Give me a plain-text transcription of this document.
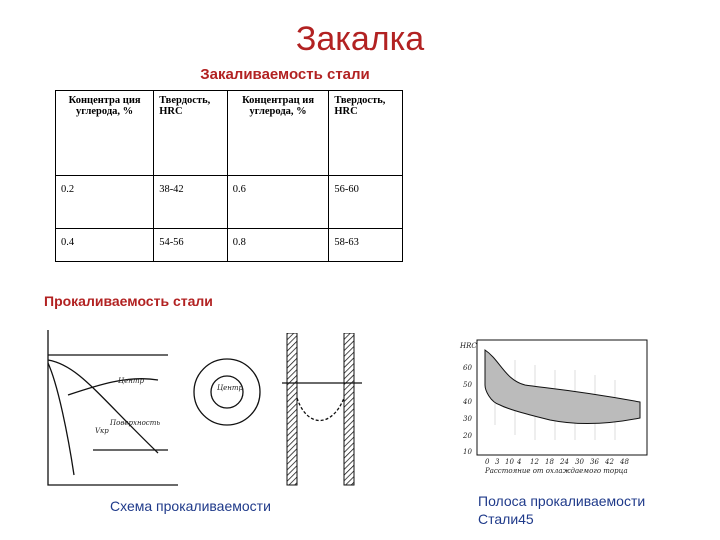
Закалка
Закаливаемость стали
Концентра ция углерода, %	Твердость, HRC	Концентрац ия углерода, %	Твердость, HRC
0.2	38-42	0.6	56-60
0.4	54-56	0.8	58-63
Прокаливаемость стали
Центр
Поверхность
Vкр
Центр
HRC
60
50
40
30
20
10
0 3 10 4 12 18 24 30 36 42 48
Расстояние от охлаждаемого торца
Схема прокаливаемости	Полоса прокаливаемости
Стали45
